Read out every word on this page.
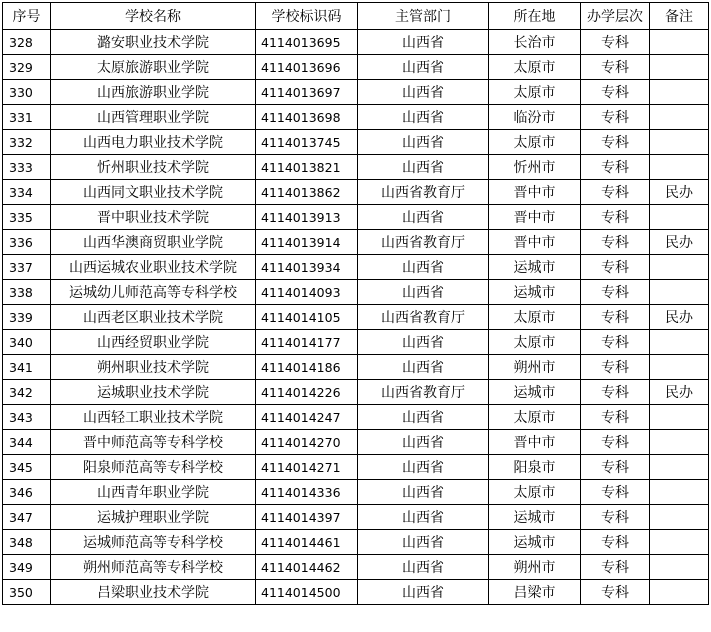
序号	学校名称	学校标识码	主管部门	所在地	办学层次	备注
328	潞安职业技术学院	4114013695	山西省	长治市	专科	
329	太原旅游职业学院	4114013696	山西省	太原市	专科	
330	山西旅游职业学院	4114013697	山西省	太原市	专科	
331	山西管理职业学院	4114013698	山西省	临汾市	专科	
332	山西电力职业技术学院	4114013745	山西省	太原市	专科	
333	忻州职业技术学院	4114013821	山西省	忻州市	专科	
334	山西同文职业技术学院	4114013862	山西省教育厅	晋中市	专科	民办
335	晋中职业技术学院	4114013913	山西省	晋中市	专科	
336	山西华澳商贸职业学院	4114013914	山西省教育厅	晋中市	专科	民办
337	山西运城农业职业技术学院	4114013934	山西省	运城市	专科	
338	运城幼儿师范高等专科学校	4114014093	山西省	运城市	专科	
339	山西老区职业技术学院	4114014105	山西省教育厅	太原市	专科	民办
340	山西经贸职业学院	4114014177	山西省	太原市	专科	
341	朔州职业技术学院	4114014186	山西省	朔州市	专科	
342	运城职业技术学院	4114014226	山西省教育厅	运城市	专科	民办
343	山西轻工职业技术学院	4114014247	山西省	太原市	专科	
344	晋中师范高等专科学校	4114014270	山西省	晋中市	专科	
345	阳泉师范高等专科学校	4114014271	山西省	阳泉市	专科	
346	山西青年职业学院	4114014336	山西省	太原市	专科	
347	运城护理职业学院	4114014397	山西省	运城市	专科	
348	运城师范高等专科学校	4114014461	山西省	运城市	专科	
349	朔州师范高等专科学校	4114014462	山西省	朔州市	专科	
350	吕梁职业技术学院	4114014500	山西省	吕梁市	专科	
